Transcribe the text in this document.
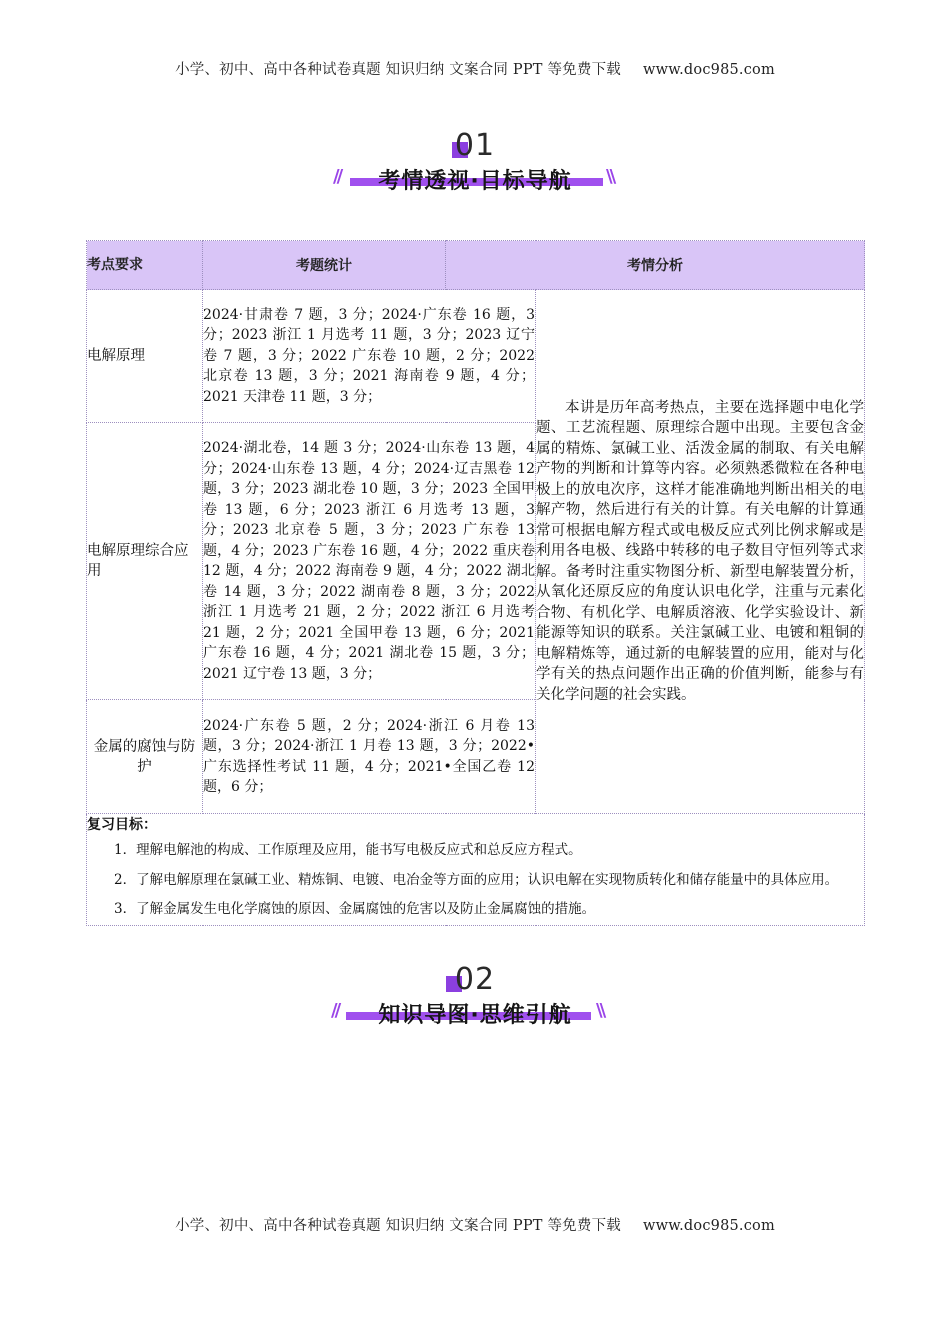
小学、初中、高中各种试卷真题 知识归纳 文案合同 PPT 等免费下载 www.doc985.com
01
//	考情透视·目标导航	\\
考点要求	考题统计	考情分析	
电解原理	2024·甘肃卷 7 题，3 分；2024·广东卷 16 题，3 分；2023 浙江 1 月选考 11 题，3 分；2023 辽宁卷 7 题，3 分；2022 广东卷 10 题，2 分；2022 北京卷 13 题，3 分；2021 海南卷 9 题，4 分；2021 天津卷 11 题，3 分；		本讲是历年高考热点，主要在选择题中电化学题、工艺流程题、原理综合题中出现。主要包含金属的精炼、氯碱工业、活泼金属的制取、有关电解产物的判断和计算等内容。必须熟悉微粒在各种电极上的放电次序，这样才能准确地判断出相关的电解产物，然后进行有关的计算。有关电解的计算通常可根据电解方程式或电极反应式列比例求解或是利用各电极、线路中转移的电子数目守恒列等式求解。备考时注重实物图分析、新型电解装置分析，从氧化还原反应的角度认识电化学，注重与元素化合物、有机化学、电解质溶液、化学实验设计、新能源等知识的联系。关注氯碱工业、电镀和粗铜的电解精炼等，通过新的电解装置的应用，能对与化学有关的热点问题作出正确的价值判断，能参与有关化学问题的社会实践。

电解原理综合应用	2024·湖北卷，14 题 3 分；2024·山东卷 13 题，4 分；2024·山东卷 13 题，4 分；2024·辽吉黑卷 12 题，3 分；2023 湖北卷 10 题，3 分；2023 全国甲卷 13 题，6 分；2023 浙江 6 月选考 13 题，3 分；2023 北京卷 5 题，3 分；2023 广东卷 13 题，4 分；2023 广东卷 16 题，4 分；2022 重庆卷 12 题，4 分；2022 海南卷 9 题，4 分；2022 湖北卷 14 题，3 分；2022 湖南卷 8 题，3 分；2022 浙江 1 月选考 21 题，2 分；2022 浙江 6 月选考 21 题，2 分；2021 全国甲卷 13 题，6 分；2021 广东卷 16 题，4 分；2021 湖北卷 15 题，3 分；2021 辽宁卷 13 题，3 分；		
金属的腐蚀与防护	2024·广东卷 5 题，2 分；2024·浙江 6 月卷 13 题，3 分；2024·浙江 1 月卷 13 题，3 分；2022•广东选择性考试 11 题，4 分；2021•全国乙卷 12 题，6 分；		

复习目标：

1．理解电解池的构成、工作原理及应用，能书写电极反应式和总反应方程式。

2．了解电解原理在氯碱工业、精炼铜、电镀、电冶金等方面的应用；认识电解在实现物质转化和储存能量中的具体应用。

3．了解金属发生电化学腐蚀的原因、金属腐蚀的危害以及防止金属腐蚀的措施。			

02
//	知识导图·思维引航	\\
小学、初中、高中各种试卷真题 知识归纳 文案合同 PPT 等免费下载 www.doc985.com
